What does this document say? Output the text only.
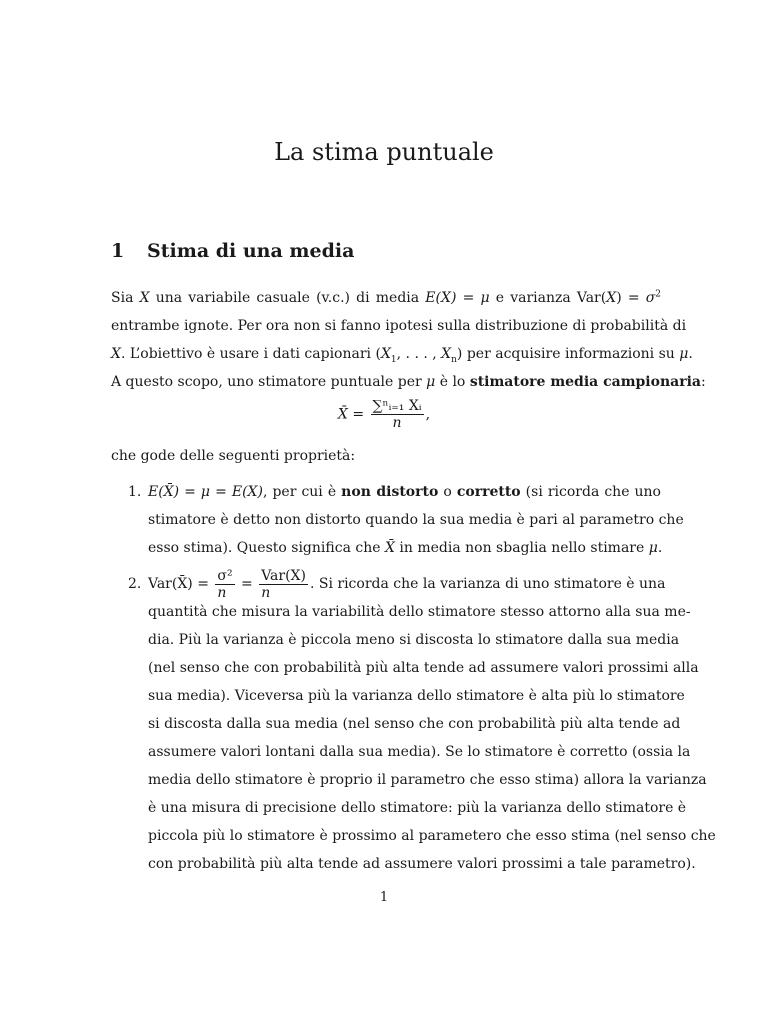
La stima puntuale
1 Stima di una media
Sia X una variabile casuale (v.c.) di media E(X) = μ e varianza $Var(X) = \sigma^2$
entrambe ignote. Per ora non si fanno ipotesi sulla distribuzione di probabilità di
X. L’obiettivo è usare i dati capionari ($X_1$, . . . , $X_n$) per acquisire informazioni su μ.
A questo scopo, uno stimatore puntuale per μ è lo stimatore media campionaria:
X̄ = $\frac{\text{∑ⁿᵢ₌₁ Xᵢ}}{n}$ ,
che gode delle seguenti proprietà:
1. E(X̄) = μ = E(X), per cui è non distorto o corretto (si ricorda che uno
stimatore è detto non distorto quando la sua media è pari al parametro che
esso stima). Questo significa che X̄ in media non sbaglia nello stimare μ.
2. Var(X̄) = $\frac{\text{σ²}}{n} = \frac{\text{Var(X)}}{n}$ . Si ricorda che la varianza di uno stimatore è una
quantità che misura la variabilità dello stimatore stesso attorno alla sua me-
dia. Più la varianza è piccola meno si discosta lo stimatore dalla sua media
(nel senso che con probabilità più alta tende ad assumere valori prossimi alla
sua media). Viceversa più la varianza dello stimatore è alta più lo stimatore
si discosta dalla sua media (nel senso che con probabilità più alta tende ad
assumere valori lontani dalla sua media). Se lo stimatore è corretto (ossia la
media dello stimatore è proprio il parametro che esso stima) allora la varianza
è una misura di precisione dello stimatore: più la varianza dello stimatore è
piccola più lo stimatore è prossimo al parametero che esso stima (nel senso che
con probabilità più alta tende ad assumere valori prossimi a tale parametro).
1
